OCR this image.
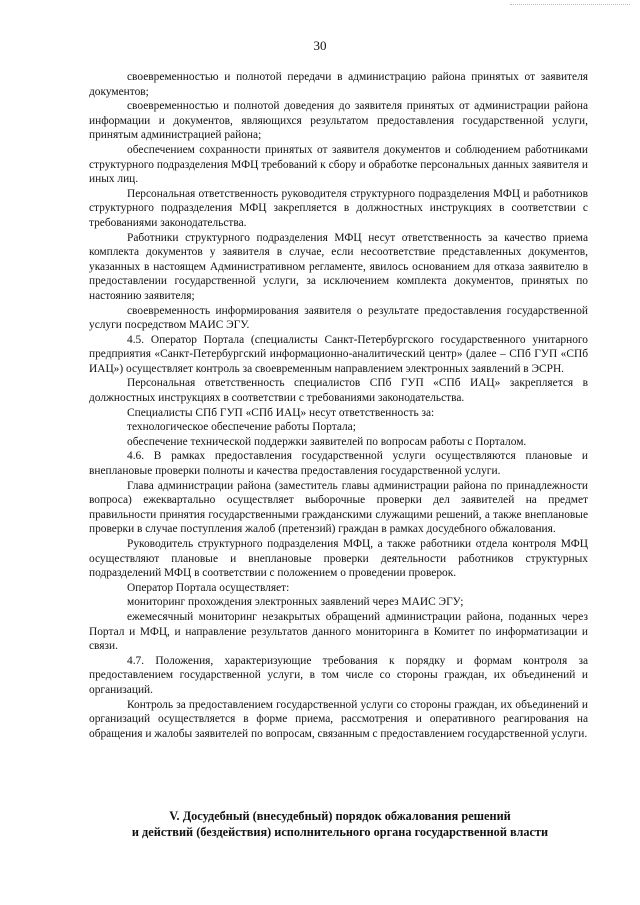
30

своевременностью и полнотой передачи в администрацию района принятых от заявителя документов;

своевременностью и полнотой доведения до заявителя принятых от администрации района информации и документов, являющихся результатом предоставления государственной услуги, принятым администрацией района;

обеспечением сохранности принятых от заявителя документов и соблюдением работниками структурного подразделения МФЦ требований к сбору и обработке персональных данных заявителя и иных лиц.

Персональная ответственность руководителя структурного подразделения МФЦ и работников структурного подразделения МФЦ закрепляется в должностных инструкциях в соответствии с требованиями законодательства.

Работники структурного подразделения МФЦ несут ответственность за качество приема комплекта документов у заявителя в случае, если несоответствие представленных документов, указанных в настоящем Административном регламенте, явилось основанием для отказа заявителю в предоставлении государственной услуги, за исключением комплекта документов, принятых по настоянию заявителя;

своевременность информирования заявителя о результате предоставления государственной услуги посредством МАИС ЭГУ.

4.5. Оператор Портала (специалисты Санкт-Петербургского государственного унитарного предприятия «Санкт-Петербургский информационно-аналитический центр» (далее – СПб ГУП «СПб ИАЦ») осуществляет контроль за своевременным направлением электронных заявлений в ЭСРН.

Персональная ответственность специалистов СПб ГУП «СПб ИАЦ» закрепляется в должностных инструкциях в соответствии с требованиями законодательства.

Специалисты СПб ГУП «СПб ИАЦ» несут ответственность за:

технологическое обеспечение работы Портала;

обеспечение технической поддержки заявителей по вопросам работы с Порталом.

4.6. В рамках предоставления государственной услуги осуществляются плановые и внеплановые проверки полноты и качества предоставления государственной услуги.

Глава администрации района (заместитель главы администрации района по принадлежности вопроса) ежеквартально осуществляет выборочные проверки дел заявителей на предмет правильности принятия государственными гражданскими служащими решений, а также внеплановые проверки в случае поступления жалоб (претензий) граждан в рамках досудебного обжалования.

Руководитель структурного подразделения МФЦ, а также работники отдела контроля МФЦ осуществляют плановые и внеплановые проверки деятельности работников структурных подразделений МФЦ в соответствии с положением о проведении проверок.

Оператор Портала осуществляет:

мониторинг прохождения электронных заявлений через МАИС ЭГУ;

ежемесячный мониторинг незакрытых обращений администрации района, поданных через Портал и МФЦ, и направление результатов данного мониторинга в Комитет по информатизации и связи.

4.7. Положения, характеризующие требования к порядку и формам контроля за предоставлением государственной услуги, в том числе со стороны граждан, их объединений и организаций.

Контроль за предоставлением государственной услуги со стороны граждан, их объединений и организаций осуществляется в форме приема, рассмотрения и оперативного реагирования на обращения и жалобы заявителей по вопросам, связанным с предоставлением государственной услуги.

V. Досудебный (внесудебный) порядок обжалования решений
и действий (бездействия) исполнительного органа государственной власти
